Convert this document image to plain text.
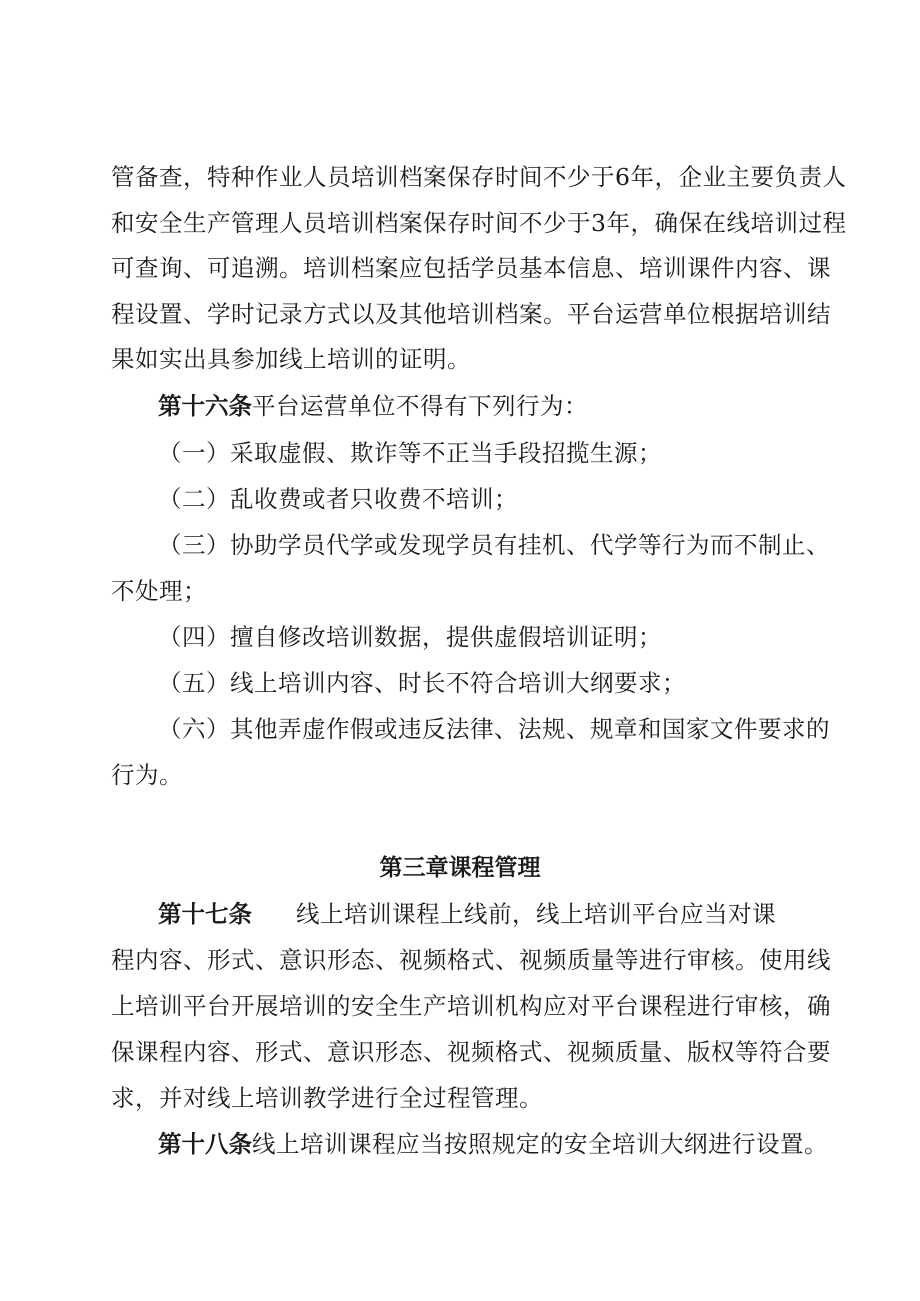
管备查，特种作业人员培训档案保存时间不少于6年，企业主要负责人
和安全生产管理人员培训档案保存时间不少于3年，确保在线培训过程
可查询、可追溯。培训档案应包括学员基本信息、培训课件内容、课
程设置、学时记录方式以及其他培训档案。平台运营单位根据培训结
果如实出具参加线上培训的证明。
第十六条平台运营单位不得有下列行为：
（一）采取虚假、欺诈等不正当手段招揽生源；
（二）乱收费或者只收费不培训；
（三）协助学员代学或发现学员有挂机、代学等行为而不制止、
不处理；
（四）擅自修改培训数据，提供虚假培训证明；
（五）线上培训内容、时长不符合培训大纲要求；
（六）其他弄虚作假或违反法律、法规、规章和国家文件要求的
行为。
第三章课程管理
第十七条 线上培训课程上线前，线上培训平台应当对课
程内容、形式、意识形态、视频格式、视频质量等进行审核。使用线
上培训平台开展培训的安全生产培训机构应对平台课程进行审核，确
保课程内容、形式、意识形态、视频格式、视频质量、版权等符合要
求，并对线上培训教学进行全过程管理。
第十八条线上培训课程应当按照规定的安全培训大纲进行设置。
